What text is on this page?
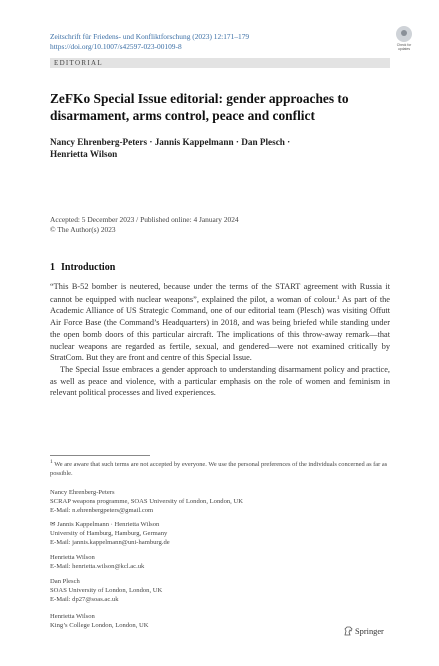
Zeitschrift für Friedens- und Konfliktforschung (2023) 12:171–179
https://doi.org/10.1007/s42597-023-00109-8	Check for
updates
EDITORIAL
ZeFKo Special Issue editorial: gender approaches to
disarmament, arms control, peace and conflict
Nancy Ehrenberg-Peters · Jannis Kappelmann · Dan Plesch ·
Henrietta Wilson
Accepted: 5 December 2023 / Published online: 4 January 2024
© The Author(s) 2023
1 Introduction

“This B-52 bomber is neutered, because under the terms of the START agreement with Russia it cannot be equipped with nuclear weapons”, explained the pilot, a woman of colour.$^1$ As part of the Academic Alliance of US Strategic Command, one of our editorial team (Plesch) was visiting Offutt Air Force Base (the Command’s Headquarters) in 2018, and was being briefed while standing under the open bomb doors of this particular aircraft. The implications of this throw-away remark—that nuclear weapons are regarded as fertile, sexual, and gendered—were not examined critically by StratCom. But they are front and centre of this Special Issue.

The Special Issue embraces a gender approach to understanding disarmament policy and practice, as well as peace and violence, with a particular emphasis on the role of women and feminism in relevant political processes and lived experiences.

1 We are aware that such terms are not accepted by everyone. We use the personal preferences of the individuals concerned as far as possible.
Nancy Ehrenberg-Peters
SCRAP weapons programme, SOAS University of London, London, UK
E-Mail: n.ehrenbergpeters@gmail.com
✉ Jannis Kappelmann · Henrietta Wilson
University of Hamburg, Hamburg, Germany
E-Mail: jannis.kappelmann@uni-hamburg.de
Henrietta Wilson
E-Mail: henrietta.wilson@kcl.ac.uk
Dan Plesch
SOAS University of London, London, UK
E-Mail: dp27@soas.ac.uk
Henrietta Wilson
King’s College London, London, UK
Springer
